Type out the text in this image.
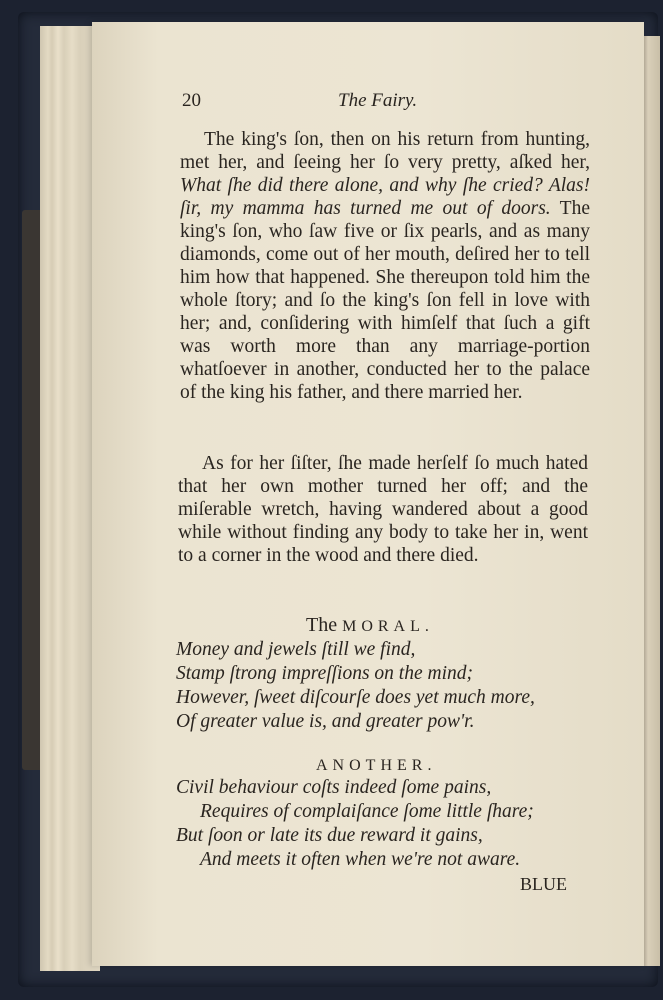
20	The Fairy.
The king's ſon, then on his return from hunting, met her, and ſeeing her ſo very pretty, aſked her, What ſhe did there alone, and why ſhe cried? Alas! ſir, my mamma has turned me out of doors. The king's ſon, who ſaw five or ſix pearls, and as many diamonds, come out of her mouth, deſired her to tell him how that happened. She thereupon told him the whole ſtory; and ſo the king's ſon fell in love with her; and, conſidering with himſelf that ſuch a gift was worth more than any marriage-portion whatſoever in another, conducted her to the palace of the king his father, and there married her.
As for her ſiſter, ſhe made herſelf ſo much hated that her own mother turned her off; and the miſerable wretch, having wandered about a good while without finding any body to take her in, went to a corner in the wood and there died.
The MORAL.
Money and jewels ſtill we find,
Stamp ſtrong impreſſions on the mind;
However, ſweet diſcourſe does yet much more,
Of greater value is, and greater pow'r.
ANOTHER.
Civil behaviour coſts indeed ſome pains,
Requires of complaiſance ſome little ſhare;
But ſoon or late its due reward it gains,
And meets it often when we're not aware.
BLUE
